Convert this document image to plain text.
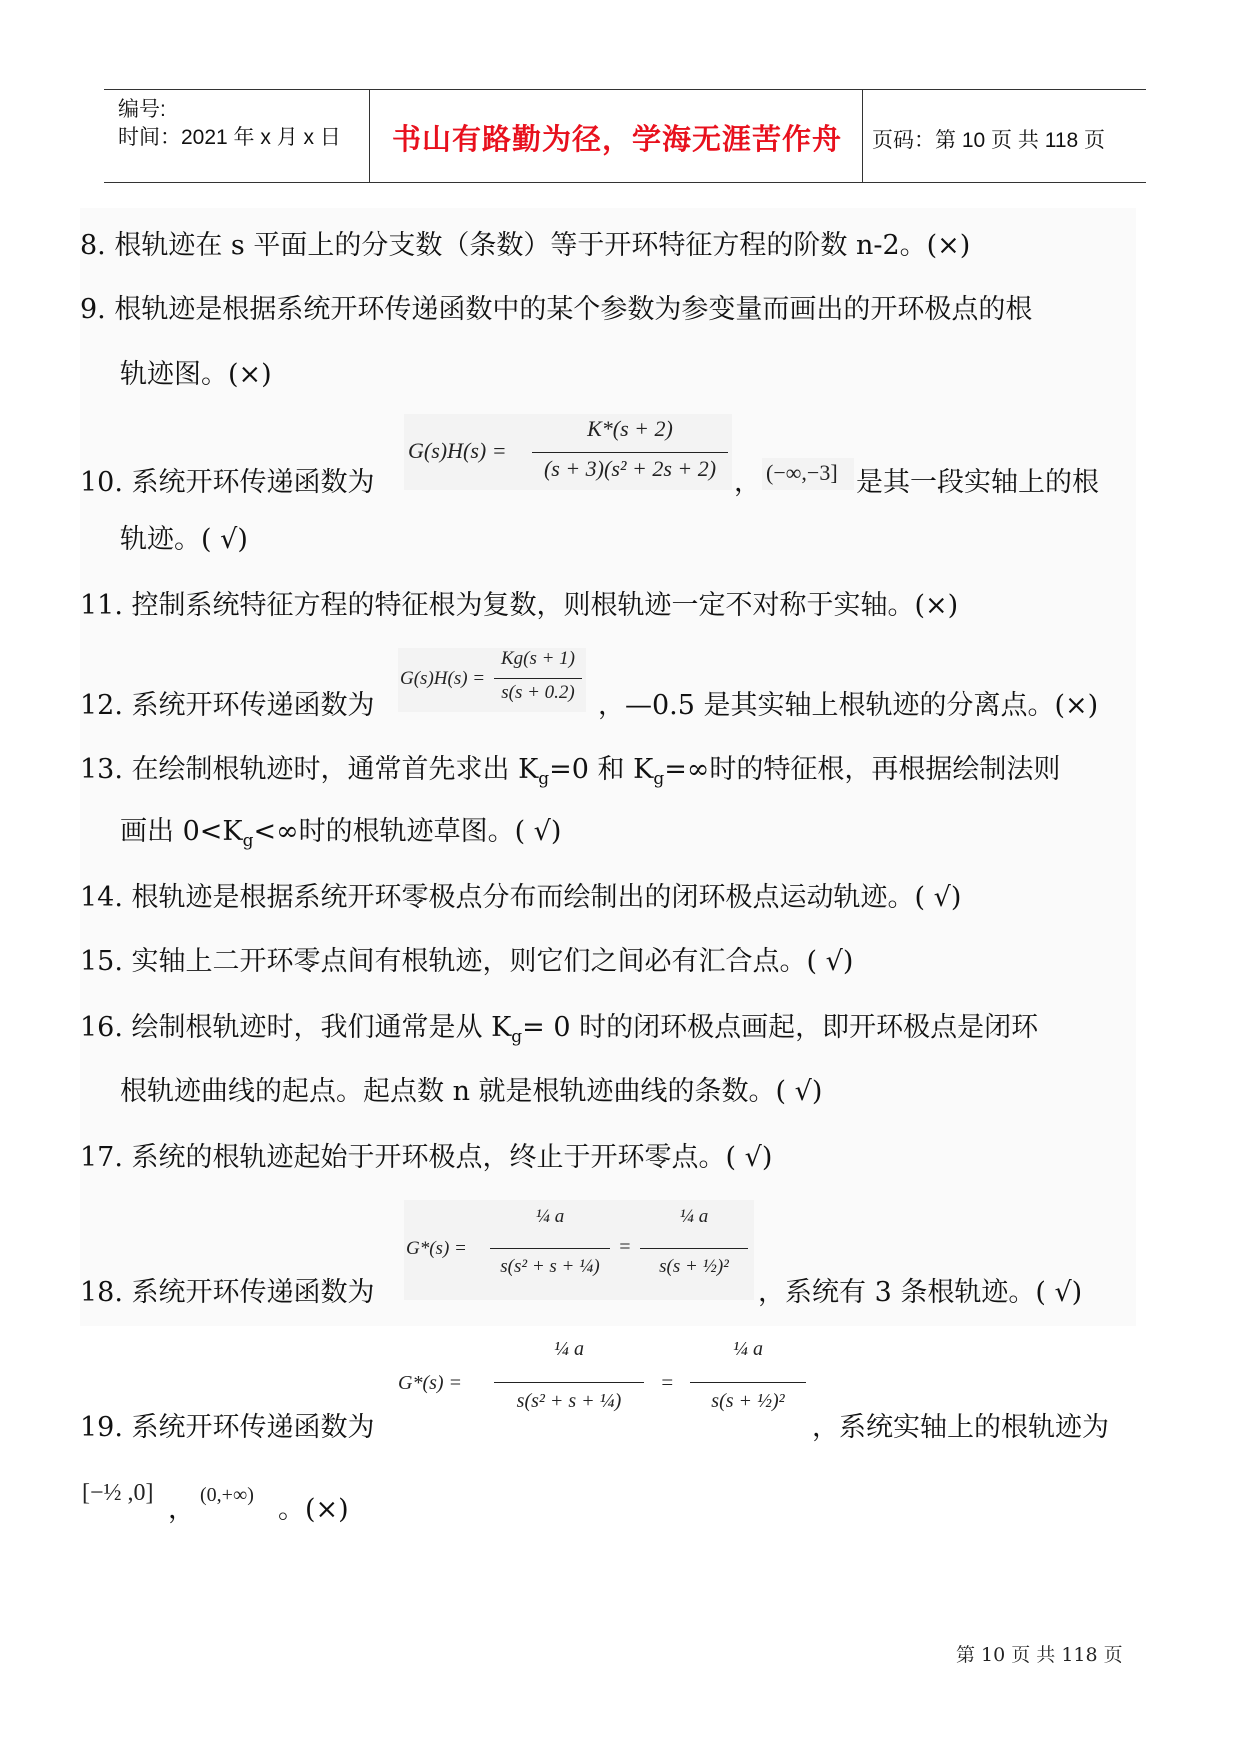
编号:
时间：2021 年 x 月 x 日	书山有路勤为径，学海无涯苦作舟	页码：第 10 页 共 118 页
8. 根轨迹在 s 平面上的分支数（条数）等于开环特征方程的阶数 n-2。(×)
9. 根轨迹是根据系统开环传递函数中的某个参数为参变量而画出的开环极点的根
轨迹图。(×)
10. 系统开环传递函数为
G(s)H(s) =
K*(s + 2)
(s + 3)(s² + 2s + 2) ， (−∞,−3] 是其一段实轴上的根
轨迹。( √)
11. 控制系统特征方程的特征根为复数，则根轨迹一定不对称于实轴。(×)
12. 系统开环传递函数为
G(s)H(s) =
Kg(s + 1)
s(s + 0.2) ，—0.5 是其实轴上根轨迹的分离点。(×)
13. 在绘制根轨迹时，通常首先求出 $K_g=0$ 和 $K_g=\infty$时的特征根，再根据绘制法则
画出 $0<K_g<\infty$时的根轨迹草图。( √)
14. 根轨迹是根据系统开环零极点分布而绘制出的闭环极点运动轨迹。( √)
15. 实轴上二开环零点间有根轨迹，则它们之间必有汇合点。( √)
16. 绘制根轨迹时，我们通常是从 $K_g= 0$ 时的闭环极点画起，即开环极点是闭环
根轨迹曲线的起点。起点数 n 就是根轨迹曲线的条数。( √)
17. 系统的根轨迹起始于开环极点，终止于开环零点。( √)
18. 系统开环传递函数为
G*(s) =
¼ a
s(s² + s + ¼)
=
¼ a
s(s + ½)²
，系统有 3 条根轨迹。( √)
19. 系统开环传递函数为
G*(s) =
¼ a
s(s² + s + ¼)
=
¼ a
s(s + ½)²
，系统实轴上的根轨迹为
[−½ ,0]
， (0,+∞) 。(×)
第 10 页 共 118 页
